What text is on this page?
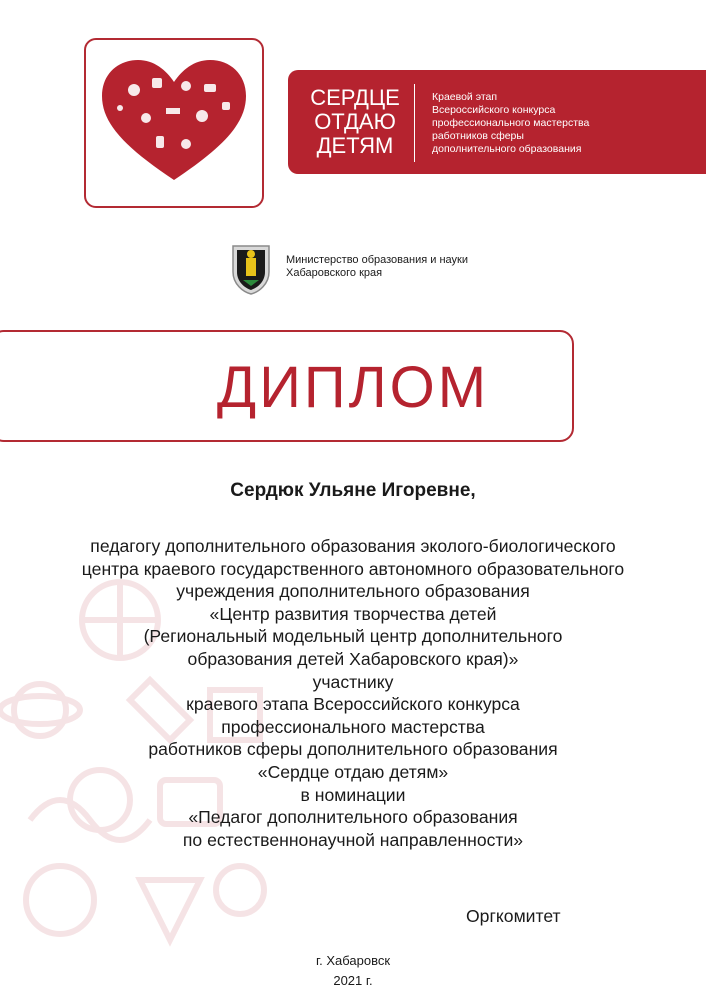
СЕРДЦЕ
ОТДАЮ
ДЕТЯМ
Краевой этап
Всероссийского конкурса
профессионального мастерства
работников сферы
дополнительного образования
Министерство образования и науки
Хабаровского края
ДИПЛОМ
Сердюк Ульяне Игоревне,
педагогу дополнительного образования эколого-биологического
центра краевого государственного автономного образовательного
учреждения дополнительного образования
«Центр развития творчества детей
(Региональный модельный центр дополнительного
образования детей Хабаровского края)»
участнику
краевого этапа Всероссийского конкурса
профессионального мастерства
работников сферы дополнительного образования
«Сердце отдаю детям»
в номинации
«Педагог дополнительного образования
по естественнонаучной направленности»
Оргкомитет
г. Хабаровск
2021 г.
